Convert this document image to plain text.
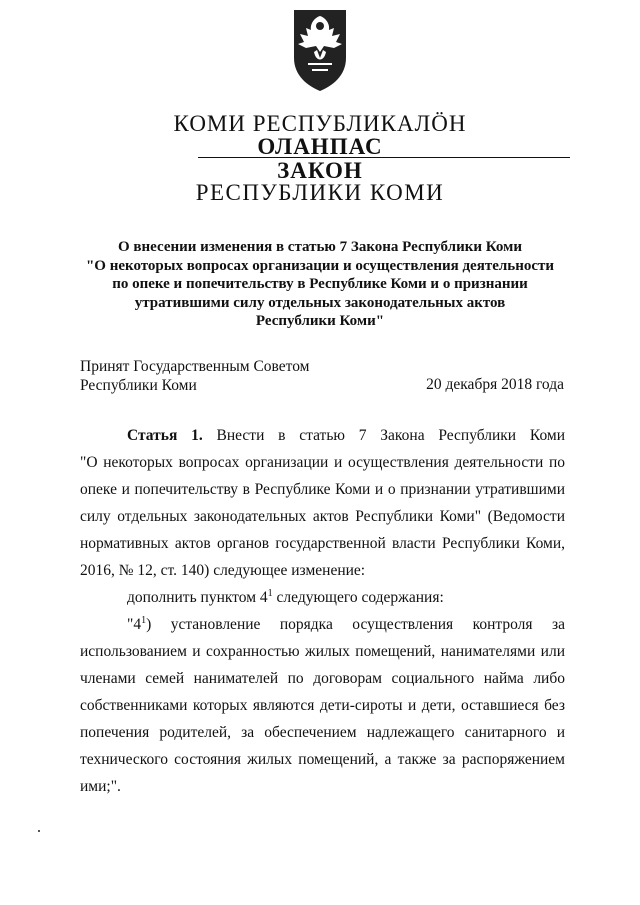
КОМИ РЕСПУБЛИКАЛÖН
ОЛАНПАС
ЗАКОН
РЕСПУБЛИКИ КОМИ
О внесении изменения в статью 7 Закона Республики Коми
"О некоторых вопросах организации и осуществления деятельности
по опеке и попечительству в Республике Коми и о признании
утратившими силу отдельных законодательных актов
Республики Коми"
Принят Государственным Советом
Республики Коми	20 декабря 2018 года
Статья 1. Внести в статью 7 Закона Республики Коми
"О некоторых вопросах организации и осуществления деятельности по
опеке и попечительству в Республике Коми и о признании утратившими
силу отдельных законодательных актов Республики Коми" (Ведомости
нормативных актов органов государственной власти Республики Коми,
2016, № 12, ст. 140) следующее изменение:
дополнить пунктом $4^1$ следующего содержания:
"$4^1$) установление порядка осуществления контроля за
использованием и сохранностью жилых помещений, нанимателями или
членами семей нанимателей по договорам социального найма либо
собственниками которых являются дети-сироты и дети, оставшиеся без
попечения родителей, за обеспечением надлежащего санитарного и
технического состояния жилых помещений, а также за распоряжением
ими;".
